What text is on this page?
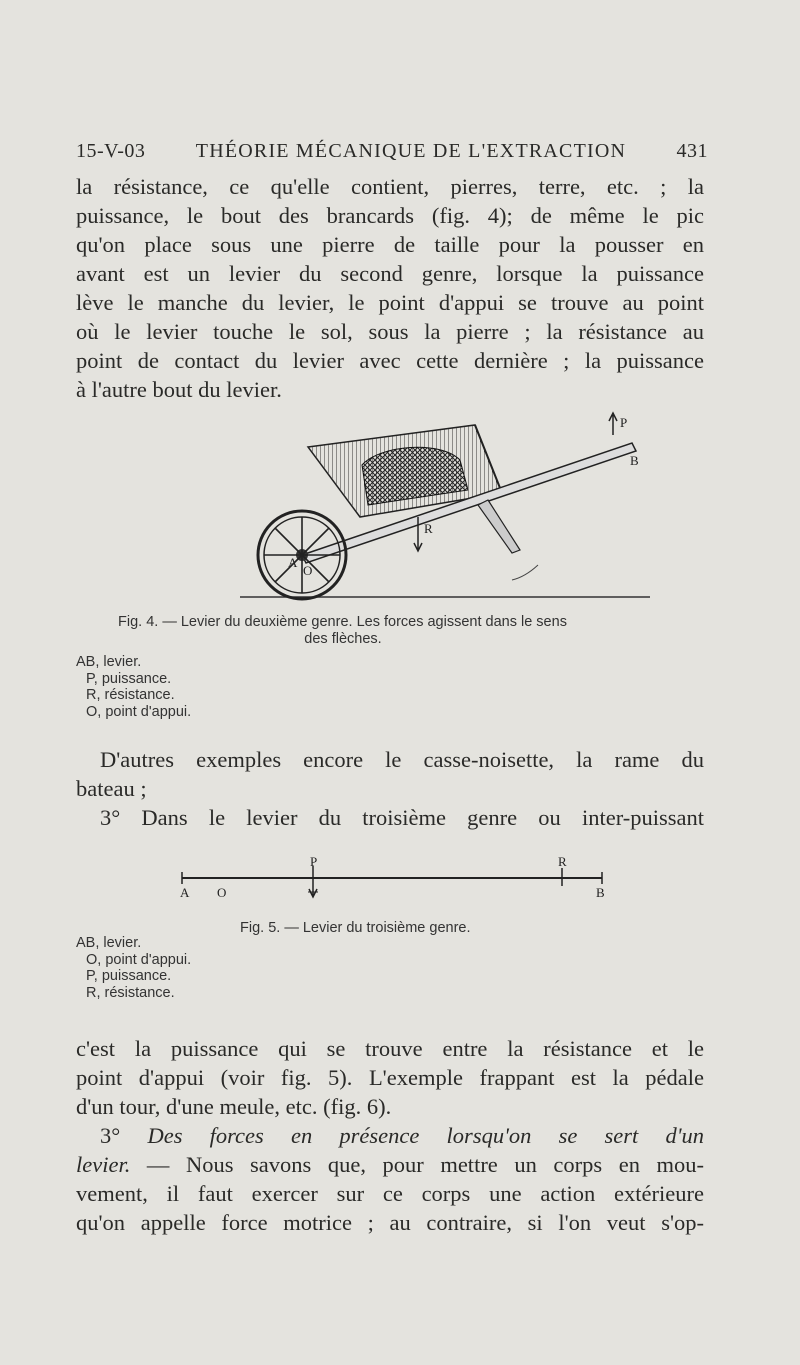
15-V-03	THÉORIE MÉCANIQUE DE L'EXTRACTION	431
la résistance, ce qu'elle contient, pierres, terre, etc. ; la
puissance, le bout des brancards (fig. 4); de même le pic
qu'on place sous une pierre de taille pour la pousser en
avant est un levier du second genre, lorsque la puissance
lève le manche du levier, le point d'appui se trouve au point
où le levier touche le sol, sous la pierre ; la résistance au
point de contact du levier avec cette dernière ; la puissance
à l'autre bout du levier.
P
B
R
A
O
Fig. 4. — Levier du deuxième genre. Les forces agissent dans le sens
des flèches.
AB, levier.
P, puissance.
R, résistance.
O, point d'appui.
D'autres exemples encore le casse-noisette, la rame du
bateau ;
3° Dans le levier du troisième genre ou inter-puissant
A O
P	R
B
Fig. 5. — Levier du troisième genre.
AB, levier.
O, point d'appui.
P, puissance.
R, résistance.
c'est la puissance qui se trouve entre la résistance et le
point d'appui (voir fig. 5). L'exemple frappant est la pédale
d'un tour, d'une meule, etc. (fig. 6).
3° Des forces en présence lorsqu'on se sert d'un
levier. — Nous savons que, pour mettre un corps en mou-
vement, il faut exercer sur ce corps une action extérieure
qu'on appelle force motrice ; au contraire, si l'on veut s'op-
